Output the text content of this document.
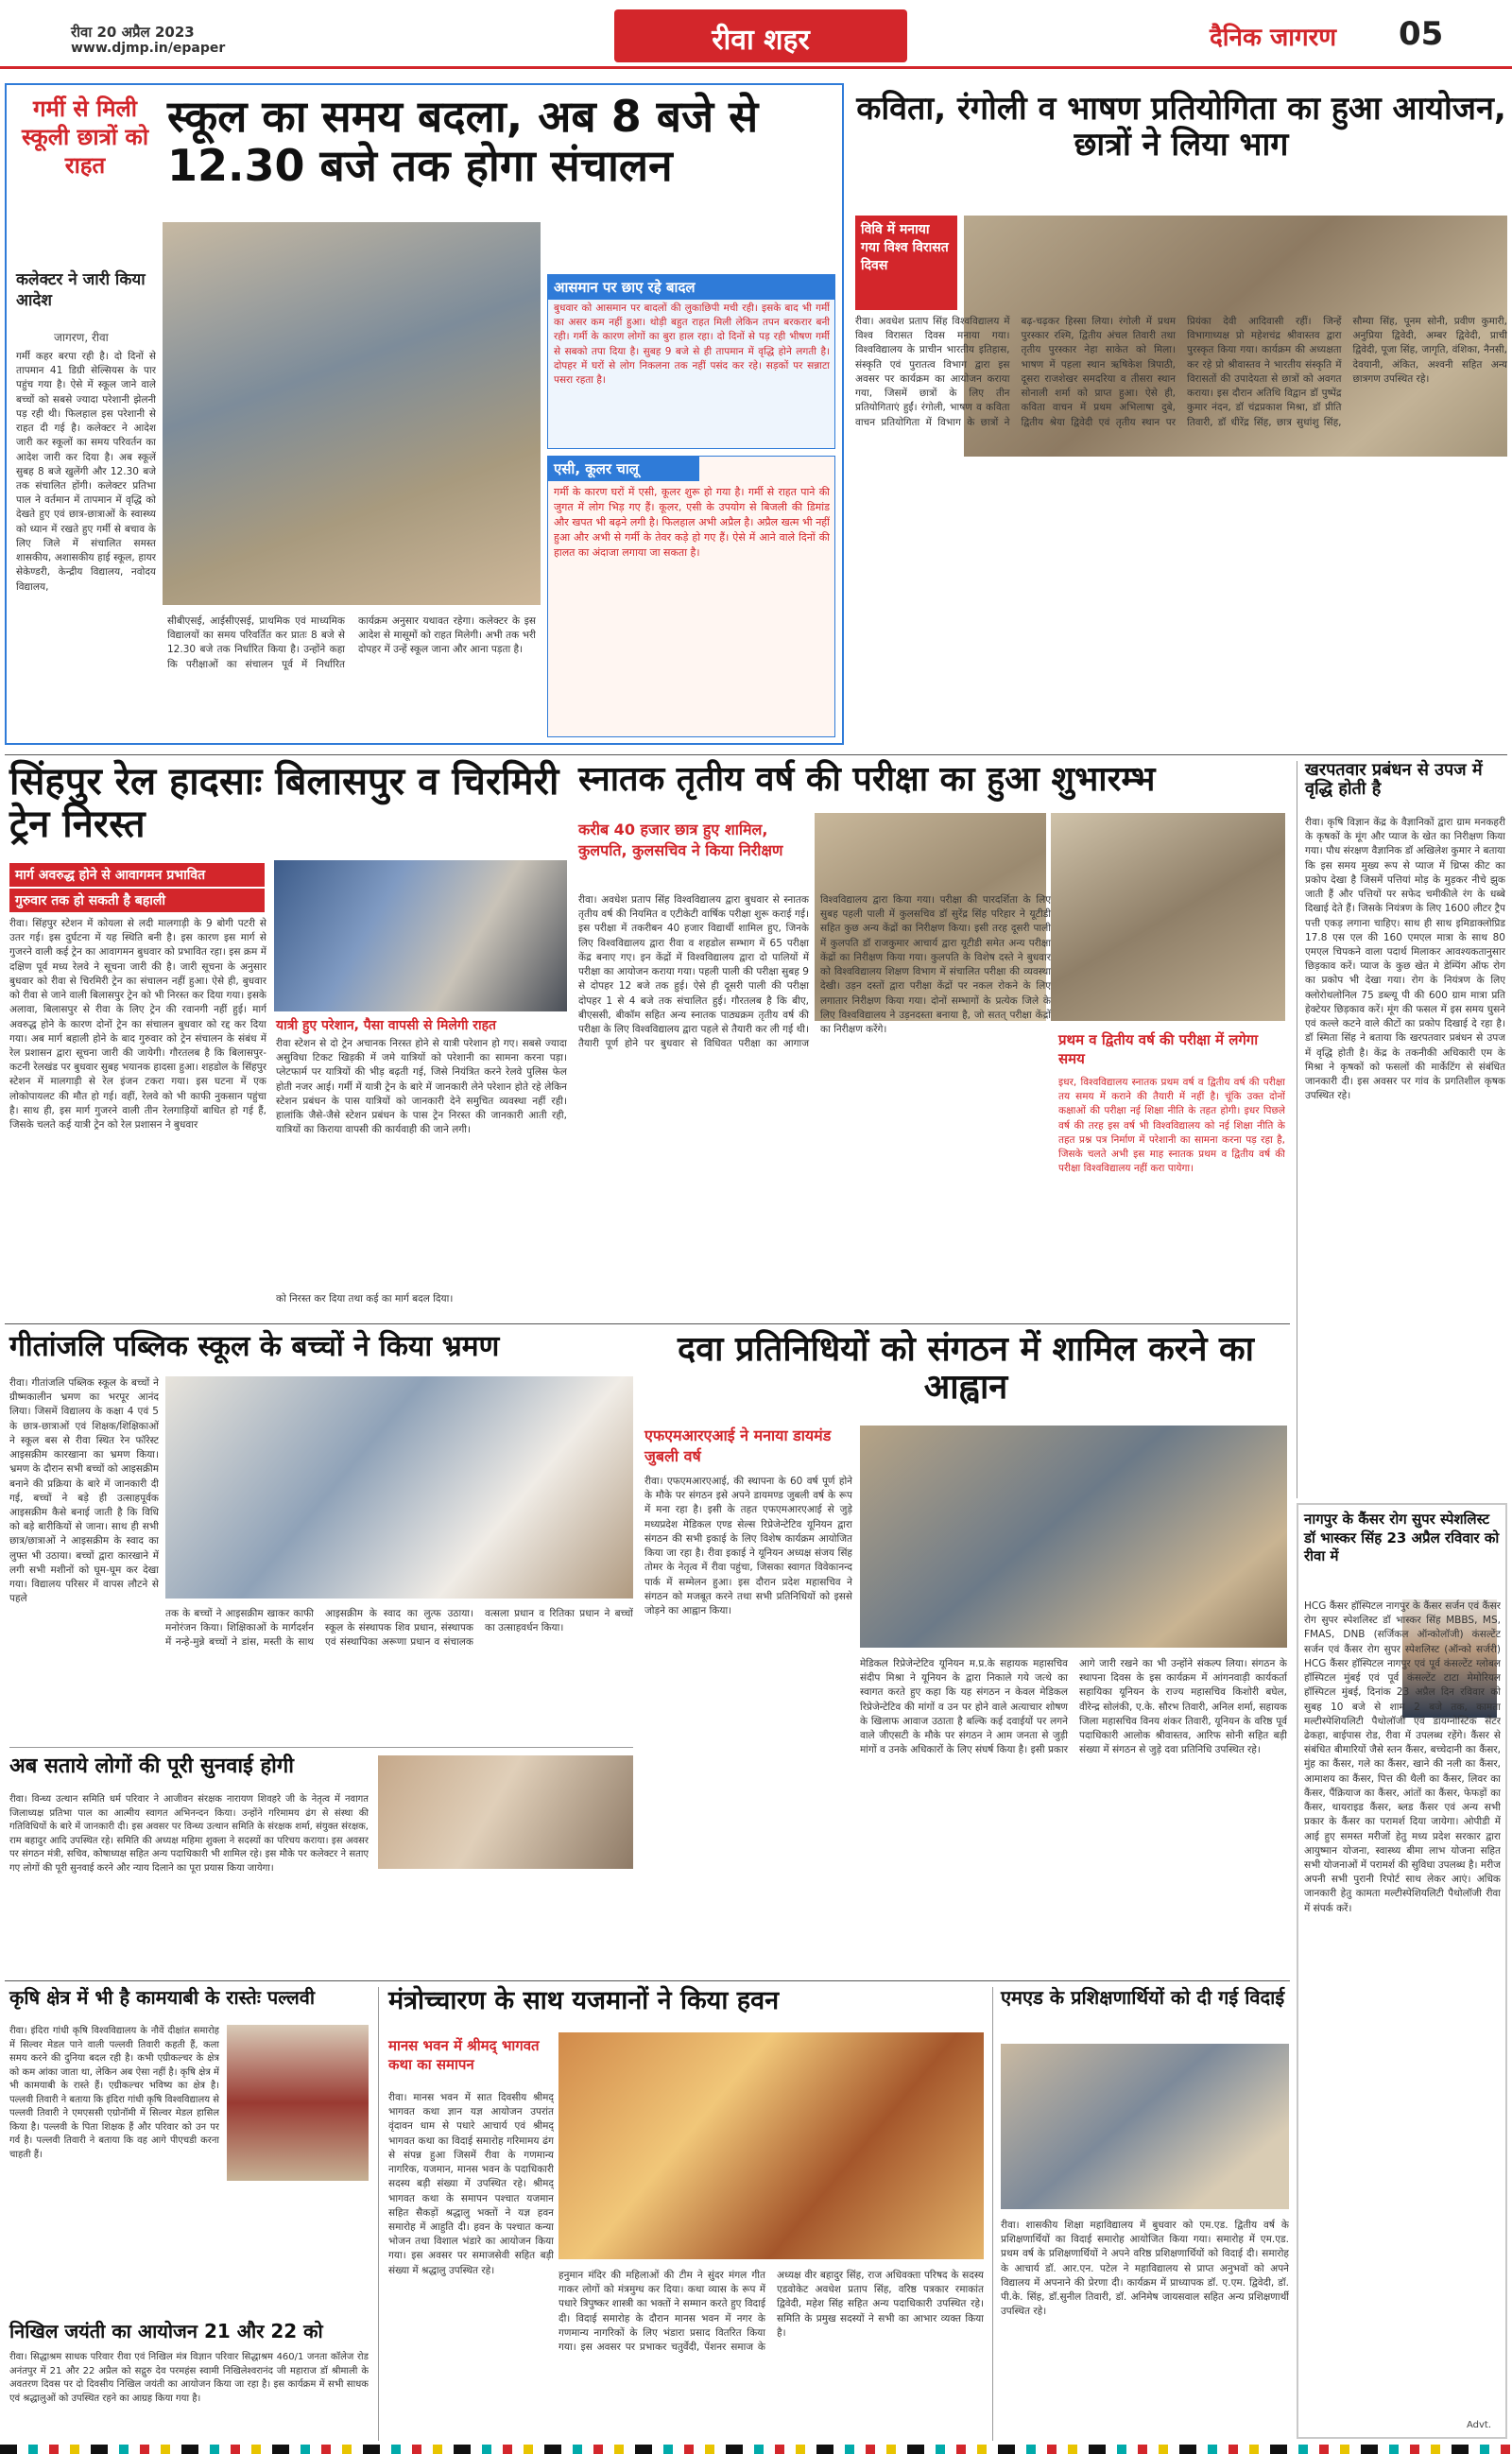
रीवा 20 अप्रैल 2023
www.djmp.in/epaper	रीवा शहर	दैनिक जागरण 05
गर्मी से मिली स्कूली छात्रों को राहत
कलेक्टर ने जारी किया आदेश
जागरण, रीवा
स्कूल का समय बदला, अब 8 बजे से 12.30 बजे तक होगा संचालन
गर्मी कहर बरपा रही है। दो दिनों से तापमान 41 डिग्री सेल्सियस के पार पहुंच गया है। ऐसे में स्कूल जाने वाले बच्चों को सबसे ज्यादा परेशानी झेलनी पड़ रही थी। फिलहाल इस परेशानी से राहत दी गई है। कलेक्टर ने आदेश जारी कर स्कूलों का समय परिवर्तन का आदेश जारी कर दिया है। अब स्कूलें सुबह 8 बजे खुलेंगी और 12.30 बजे तक संचालित होंगी। कलेक्टर प्रतिभा पाल ने वर्तमान में तापमान में वृद्धि को देखते हुए एवं छात्र-छात्राओं के स्वास्थ्य को ध्यान में रखते हुए गर्मी से बचाव के लिए जिले में संचालित समस्त शासकीय, अशासकीय हाई स्कूल, हायर सेकेण्डरी, केन्द्रीय विद्यालय, नवोदय विद्यालय,
सीबीएसई, आईसीएसई, प्राथमिक एवं माध्यमिक विद्यालयों का समय परिवर्तित कर प्रातः 8 बजे से 12.30 बजे तक निर्धारित किया है। उन्होंने कहा कि परीक्षाओं का संचालन पूर्व में निर्धारित कार्यक्रम अनुसार यथावत रहेगा। कलेक्टर के इस आदेश से मासूमों को राहत मिलेगी। अभी तक भरी दोपहर में उन्हें स्कूल जाना और आना पड़ता है।
आसमान पर छाए रहे बादल
बुधवार को आसमान पर बादलों की लुकाछिपी मची रही। इसके बाद भी गर्मी का असर कम नहीं हुआ। थोड़ी बहुत राहत मिली लेकिन तपन बरकरार बनी रही। गर्मी के कारण लोगों का बुरा हाल रहा। दो दिनों से पड़ रही भीषण गर्मी से सबको तपा दिया है। सुबह 9 बजे से ही तापमान में वृद्धि होने लगती है। दोपहर में घरों से लोग निकलना तक नहीं पसंद कर रहे। सड़कों पर सन्नाटा पसरा रहता है।
एसी, कूलर चालू
गर्मी के कारण घरों में एसी, कूलर शुरू हो गया है। गर्मी से राहत पाने की जुगत में लोग भिड़ गए हैं। कूलर, एसी के उपयोग से बिजली की डिमांड और खपत भी बढ़ने लगी है। फिलहाल अभी अप्रैल है। अप्रैल खत्म भी नहीं हुआ और अभी से गर्मी के तेवर कड़े हो गए हैं। ऐसे में आने वाले दिनों की हालत का अंदाजा लगाया जा सकता है।
कविता, रंगोली व भाषण प्रतियोगिता का हुआ आयोजन, छात्रों ने लिया भाग
विवि में मनाया गया विश्व विरासत दिवस
रीवा। अवधेश प्रताप सिंह विश्वविद्यालय में विश्व विरासत दिवस मनाया गया। विश्वविद्यालय के प्राचीन भारतीय इतिहास, संस्कृति एवं पुरातत्व विभाग द्वारा इस अवसर पर कार्यक्रम का आयोजन कराया गया, जिसमें छात्रों के लिए तीन प्रतियोगिताएं हुईं। रंगोली, भाषण व कविता वाचन प्रतियोगिता में विभाग के छात्रों ने बढ़-चढ़कर हिस्सा लिया। रंगोली में प्रथम पुरस्कार रश्मि, द्वितीय अंचल तिवारी तथा तृतीय पुरस्कार नेहा साकेत को मिला। भाषण में पहला स्थान ऋषिकेश त्रिपाठी, दूसरा राजशेखर समदरिया व तीसरा स्थान सोनाली शर्मा को प्राप्त हुआ। ऐसे ही, कविता वाचन में प्रथम अभिलाषा दुबे, द्वितीय श्रेया द्विवेदी एवं तृतीय स्थान पर प्रियंका देवी आदिवासी रहीं। जिन्हें विभागाध्यक्ष प्रो महेशचंद्र श्रीवास्तव द्वारा पुरस्कृत किया गया। कार्यक्रम की अध्यक्षता कर रहे प्रो श्रीवास्तव ने भारतीय संस्कृति में विरासतों की उपादेयता से छात्रों को अवगत कराया। इस दौरान अतिथि विद्वान डॉ पुष्पेंद्र कुमार नंदन, डॉ चंद्रप्रकाश मिश्रा, डॉ प्रीति तिवारी, डॉ धीरेंद्र सिंह, छात्र सुधांशु सिंह, सौम्या सिंह, पूनम सोनी, प्रवीण कुमारी, अनुप्रिया द्विवेदी, अम्बर द्विवेदी, प्राची द्विवेदी, पूजा सिंह, जागृति, वंशिका, नैनसी, देवयानी, अंकित, अश्वनी सहित अन्य छात्रगण उपस्थित रहे।
सिंहपुर रेल हादसाः बिलासपुर व चिरमिरी ट्रेन निरस्त
मार्ग अवरुद्ध होने से आवागमन प्रभावित
गुरुवार तक हो सकती है बहाली
यात्री हुए परेशान, पैसा वापसी से मिलेगी राहत
रीवा। सिंहपुर स्टेशन में कोयला से लदी मालगाड़ी के 9 बोगी पटरी से उतर गई। इस दुर्घटना में यह स्थिति बनी है। इस कारण इस मार्ग से गुजरने वाली कई ट्रेन का आवागमन बुधवार को प्रभावित रहा। इस क्रम में दक्षिण पूर्व मध्य रेलवे ने सूचना जारी की है। जारी सूचना के अनुसार बुधवार को रीवा से चिरमिरी ट्रेन का संचालन नहीं हुआ। ऐसे ही, बुधवार को रीवा से जाने वाली बिलासपुर ट्रेन को भी निरस्त कर दिया गया। इसके अलावा, बिलासपुर से रीवा के लिए ट्रेन की रवानगी नहीं हुई। मार्ग अवरुद्ध होने के कारण दोनों ट्रेन का संचालन बुधवार को रद्द कर दिया गया। अब मार्ग बहाली होने के बाद गुरुवार को ट्रेन संचालन के संबंध में रेल प्रशासन द्वारा सूचना जारी की जायेगी। गौरतलब है कि बिलासपुर-कटनी रेलखंड पर बुधवार सुबह भयानक हादसा हुआ। शहडोल के सिंहपुर स्टेशन में मालगाड़ी से रेल इंजन टकरा गया। इस घटना में एक लोकोपायलट की मौत हो गई। वहीं, रेलवे को भी काफी नुकसान पहुंचा है। साथ ही, इस मार्ग गुजरने वाली तीन रेलगाड़ियों बाधित हो गई हैं, जिसके चलते कई यात्री ट्रेन को रेल प्रशासन ने बुधवार
रीवा स्टेशन से दो ट्रेन अचानक निरस्त होने से यात्री परेशान हो गए। सबसे ज्यादा असुविधा टिकट खिड़की में जमे यात्रियों को परेशानी का सामना करना पड़ा। प्लेटफार्म पर यात्रियों की भीड़ बढ़ती गई, जिसे नियंत्रित करने रेलवे पुलिस फेल होती नजर आई। गर्मी में यात्री ट्रेन के बारे में जानकारी लेने परेशान होते रहे लेकिन स्टेशन प्रबंधन के पास यात्रियों को जानकारी देने समुचित व्यवस्था नहीं रही। हालांकि जैसे-जैसे स्टेशन प्रबंधन के पास ट्रेन निरस्त की जानकारी आती रही, यात्रियों का किराया वापसी की कार्यवाही की जाने लगी।
को निरस्त कर दिया तथा कई का मार्ग बदल दिया।
स्नातक तृतीय वर्ष की परीक्षा का हुआ शुभारम्भ
करीब 40 हजार छात्र हुए शामिल, कुलपति, कुलसचिव ने किया निरीक्षण
रीवा। अवधेश प्रताप सिंह विश्वविद्यालय द्वारा बुधवार से स्नातक तृतीय वर्ष की नियमित व एटीकेटी वार्षिक परीक्षा शुरू कराई गई। इस परीक्षा में तकरीबन 40 हजार विद्यार्थी शामिल हुए, जिनके लिए विश्वविद्यालय द्वारा रीवा व शहडोल सम्भाग में 65 परीक्षा केंद्र बनाए गए। इन केंद्रों में विश्वविद्यालय द्वारा दो पालियों में परीक्षा का आयोजन कराया गया। पहली पाली की परीक्षा सुबह 9 से दोपहर 12 बजे तक हुई। ऐसे ही दूसरी पाली की परीक्षा दोपहर 1 से 4 बजे तक संचालित हुई। गौरतलब है कि बीए, बीएससी, बीकॉम सहित अन्य स्नातक पाठ्यक्रम तृतीय वर्ष की परीक्षा के लिए विश्वविद्यालय द्वारा पहले से तैयारी कर ली गई थी। तैयारी पूर्ण होने पर बुधवार से विधिवत परीक्षा का आगाज विश्वविद्यालय द्वारा किया गया। परीक्षा की पारदर्शिता के लिए सुबह पहली पाली में कुलसचिव डॉ सुरेंद्र सिंह परिहार ने यूटीडी सहित कुछ अन्य केंद्रों का निरीक्षण किया। इसी तरह दूसरी पाली में कुलपति डॉ राजकुमार आचार्य द्वारा यूटीडी समेत अन्य परीक्षा केंद्रों का निरीक्षण किया गया। कुलपति के विशेष दस्ते ने बुधवार को विश्वविद्यालय शिक्षण विभाग में संचालित परीक्षा की व्यवस्था देखी। उड़न दस्तों द्वारा परीक्षा केंद्रों पर नकल रोकने के लिए लगातार निरीक्षण किया गया। दोनों सम्भागों के प्रत्येक जिले के लिए विश्वविद्यालय ने उड़नदस्ता बनाया है, जो सतत् परीक्षा केंद्रों का निरीक्षण करेंगे।
प्रथम व द्वितीय वर्ष की परीक्षा में लगेगा समय
इधर, विश्वविद्यालय स्नातक प्रथम वर्ष व द्वितीय वर्ष की परीक्षा तय समय में कराने की तैयारी में नहीं है। चूंकि उक्त दोनों कक्षाओं की परीक्षा नई शिक्षा नीति के तहत होगी। इधर पिछले वर्ष की तरह इस वर्ष भी विश्वविद्यालय को नई शिक्षा नीति के तहत प्रश्न पत्र निर्माण में परेशानी का सामना करना पड़ रहा है, जिसके चलते अभी इस माह स्नातक प्रथम व द्वितीय वर्ष की परीक्षा विश्वविद्यालय नहीं करा पायेगा।
खरपतवार प्रबंधन से उपज में वृद्धि होती है
रीवा। कृषि विज्ञान केंद्र के वैज्ञानिकों द्वारा ग्राम मनकहरी के कृषकों के मूंग और प्याज के खेत का निरीक्षण किया गया। पौध संरक्षण वैज्ञानिक डॉ अखिलेश कुमार ने बताया कि इस समय मुख्य रूप से प्याज में थ्रिप्स कीट का प्रकोप देखा है जिसमें पत्तियां मोड़ के मुड़कर नीचे झुक जाती हैं और पत्तियों पर सफेद चमीकीले रंग के धब्बे दिखाई देते हैं। जिसके नियंत्रण के लिए 1600 लीटर ट्रैप पत्ती एकड़ लगाना चाहिए। साथ ही साथ इमिडाक्लोप्रिड 17.8 एस एल की 160 एमएल मात्रा के साथ 80 एमएल चिपकने वाला पदार्थ मिलाकर आवश्यकतानुसार छिड़काव करें। प्याज के कुछ खेत मे डेम्पिंग ऑफ रोग का प्रकोप भी देखा गया। रोग के नियंत्रण के लिए क्लोरोथलोनिल 75 डब्ल्यू पी की 600 ग्राम मात्रा प्रति हेक्टेयर छिड़काव करें। मूंग की फसल में इस समय घुसने एवं कल्ले कटने वाले कीटों का प्रकोप दिखाई दे रहा है। डॉ स्मिता सिंह ने बताया कि खरपतवार प्रबंधन से उपज में वृद्धि होती है। केंद्र के तकनीकी अधिकारी एम के मिश्रा ने कृषकों को फसलों की मार्केटिंग से संबंधित जानकारी दी। इस अवसर पर गांव के प्रगतिशील कृषक उपस्थित रहे।
गीतांजलि पब्लिक स्कूल के बच्चों ने किया भ्रमण
रीवा। गीतांजलि पब्लिक स्कूल के बच्चों ने ग्रीष्मकालीन भ्रमण का भरपूर आनंद लिया। जिसमें विद्यालय के कक्षा 4 एवं 5 के छात्र-छात्राओं एवं शिक्षक/शिक्षिकाओं ने स्कूल बस से रीवा स्थित रेन फॉरेस्ट आइसक्रीम कारखाना का भ्रमण किया। भ्रमण के दौरान सभी बच्चों को आइसक्रीम बनाने की प्रक्रिया के बारे में जानकारी दी गई, बच्चों ने बड़े ही उत्साहपूर्वक आइसक्रीम कैसे बनाई जाती है कि विधि को बड़े बारीकियों से जाना। साथ ही सभी छात्र/छात्राओं ने आइसक्रीम के स्वाद का लुफ्त भी उठाया। बच्चों द्वारा कारखाने में लगी सभी मशीनों को घूम-घूम कर देखा गया। विद्यालय परिसर में वापस लौटने से पहले
तक के बच्चों ने आइसक्रीम खाकर काफी मनोरंजन किया। शिक्षिकाओं के मार्गदर्शन में नन्हे-मुन्ने बच्चों ने डांस, मस्ती के साथ आइसक्रीम के स्वाद का लुत्फ उठाया। स्कूल के संस्थापक शिव प्रधान, संस्थापक एवं संस्थापिका अरूणा प्रधान व संचालक वत्सला प्रधान व रितिका प्रधान ने बच्चों का उत्साहवर्धन किया।
अब सताये लोगों की पूरी सुनवाई होगी
रीवा। विन्ध्य उत्थान समिति धर्म परिवार ने आजीवन संरक्षक नारायण शिवहरे जी के नेतृत्व में नवागत जिलाध्यक्ष प्रतिभा पाल का आत्मीय स्वागत अभिनन्दन किया। उन्होंने गरिमामय ढंग से संस्था की गतिविधियों के बारे में जानकारी दी। इस अवसर पर विन्ध्य उत्थान समिति के संरक्षक शर्मा, संयुक्त संरक्षक, राम बहादुर आदि उपस्थित रहे। समिति की अध्यक्ष महिमा शुक्ला ने सदस्यों का परिचय कराया। इस अवसर पर संगठन मंत्री, सचिव, कोषाध्यक्ष सहित अन्य पदाधिकारी भी शामिल रहे। इस मौके पर कलेक्टर ने सताए गए लोगों की पूरी सुनवाई करने और न्याय दिलाने का पूरा प्रयास किया जायेगा।
दवा प्रतिनिधियों को संगठन में शामिल करने का आह्वान
एफएमआरएआई ने मनाया डायमंड जुबली वर्ष
रीवा। एफएमआरएआई, की स्थापना के 60 वर्ष पूर्ण होने के मौके पर संगठन इसे अपने डायमण्ड जुबली वर्ष के रूप में मना रहा है। इसी के तहत एफएमआरएआई से जुड़े मध्यप्रदेश मेडिकल एण्ड सेल्स रिप्रेजेन्टेटिव यूनियन द्वारा संगठन की सभी इकाई के लिए विशेष कार्यक्रम आयोजित किया जा रहा है। रीवा इकाई ने यूनियन अध्यक्ष संजय सिंह तोमर के नेतृत्व में रीवा पहुंचा, जिसका स्वागत विवेकानन्द पार्क में सम्मेलन हुआ। इस दौरान प्रदेश महासचिव ने संगठन को मजबूत करने तथा सभी प्रतिनिधियों को इससे जोड़ने का आह्वान किया।
मेडिकल रिप्रेजेन्टेटिव यूनियन म.प्र.के सहायक महासचिव संदीप मिश्रा ने यूनियन के द्वारा निकाले गये जत्थे का स्वागत करते हुए कहा कि यह संगठन न केवल मेडिकल रिप्रेजेन्टेटिव की मांगों व उन पर होने वाले अत्याचार शोषण के खिलाफ आवाज उठाता है बल्कि कई दवाईयों पर लगने वाले जीएसटी के मौके पर संगठन ने आम जनता से जुड़ी मांगों व उनके अधिकारों के लिए संघर्ष किया है। इसी प्रकार आगे जारी रखने का भी उन्होंने संकल्प लिया। संगठन के स्थापना दिवस के इस कार्यक्रम में आंगनवाड़ी कार्यकर्ता सहायिका यूनियन के राज्य महासचिव किशोरी बघेल, वीरेन्द्र सोलंकी, ए.के. सौरभ तिवारी, अनिल शर्मा, सहायक जिला महासचिव विनय शंकर तिवारी, यूनियन के वरिष्ठ पूर्व पदाधिकारी आलोक श्रीवास्तव, आरिफ सोनी सहित बड़ी संख्या में संगठन से जुड़े दवा प्रतिनिधि उपस्थित रहे।
नागपुर के कैंसर रोग सुपर स्पेशलिस्ट डॉ भास्कर सिंह 23 अप्रैल रविवार को रीवा में
HCG कैंसर हॉस्पिटल नागपुर के कैंसर सर्जन एवं कैंसर रोग सुपर स्पेशलिस्ट डॉ भास्कर सिंह MBBS, MS, FMAS, DNB (सर्जिकल ऑन्कोलॉजी) कंसल्टेंट सर्जन एवं कैंसर रोग सुपर स्पेशलिस्ट (ऑन्को सर्जरी) HCG कैंसर हॉस्पिटल नागपुर एवं पूर्व कंसल्टेंट ग्लोबल हॉस्पिटल मुंबई एवं पूर्व कंसल्टेंट टाटा मेमोरियल हॉस्पिटल मुंबई, दिनांक 23 अप्रैल दिन रविवार को सुबह 10 बजे से शाम 2 बजे तक, कामता मल्टीस्पेशियलिटी पैथोलॉजी एवं डायग्नोस्टिक सेंटर ढेकहा, बाईपास रोड, रीवा में उपलब्ध रहेंगे। कैंसर से संबंधित बीमारियों जैसे स्तन कैंसर, बच्चेदानी का कैंसर, मुंह का कैंसर, गले का कैंसर, खाने की नली का कैंसर, आमाशय का कैंसर, पित्त की थैली का कैंसर, लिवर का कैंसर, पैंक्रियाज का कैंसर, आंतों का कैंसर, फेफड़ों का कैंसर, थायराइड कैंसर, ब्लड कैंसर एवं अन्य सभी प्रकार के कैंसर का परामर्श दिया जायेगा। ओपीडी में आई हुए समस्त मरीजों हेतु मध्य प्रदेश सरकार द्वारा आयुष्मान योजना, स्वास्थ्य बीमा लाभ योजना सहित सभी योजनाओं में परामर्श की सुविधा उपलब्ध है। मरीज अपनी सभी पुरानी रिपोर्ट साथ लेकर आएं। अधिक जानकारी हेतु कामता मल्टीस्पेशियलिटी पैथोलॉजी रीवा में संपर्क करें।
Advt.
कृषि क्षेत्र में भी है कामयाबी के रास्तेः पल्लवी
रीवा। इंदिरा गांधी कृषि विश्वविद्यालय के नौवें दीक्षांत समारोह में सिल्वर मेडल पाने वाली पल्लवी तिवारी कहती हैं, कला समय करने की दुनिया बदल रही है। कभी एग्रीकल्चर के क्षेत्र को कम आंका जाता था, लेकिन अब ऐसा नहीं है। कृषि क्षेत्र में भी कामयाबी के रास्ते हैं। एग्रीकल्चर भविष्य का क्षेत्र है। पल्लवी तिवारी ने बताया कि इंदिरा गांधी कृषि विश्वविद्यालय से पल्लवी तिवारी ने एमएससी एग्रोनॉमी में सिल्वर मेडल हासिल किया है। पल्लवी के पिता शिक्षक हैं और परिवार को उन पर गर्व है। पल्लवी तिवारी ने बताया कि वह आगे पीएचडी करना चाहती हैं।
निखिल जयंती का आयोजन 21 और 22 को
रीवा। सिद्धाश्रम साधक परिवार रीवा एवं निखिल मंत्र विज्ञान परिवार सिद्धाश्रम 460/1 जनता कॉलेज रोड अनंतपुर में 21 और 22 अप्रैल को सद्गुरु देव परमहंस स्वामी निखिलेश्वरानंद जी महाराज डॉ श्रीमाली के अवतरण दिवस पर दो दिवसीय निखिल जयंती का आयोजन किया जा रहा है। इस कार्यक्रम में सभी साधक एवं श्रद्धालुओं को उपस्थित रहने का आग्रह किया गया है।
मंत्रोच्चारण के साथ यजमानों ने किया हवन
मानस भवन में श्रीमद् भागवत कथा का समापन
रीवा। मानस भवन में सात दिवसीय श्रीमद् भागवत कथा ज्ञान यज्ञ आयोजन उपरांत वृंदावन धाम से पधारे आचार्य एवं श्रीमद् भागवत कथा का विदाई समारोह गरिमामय ढंग से संपन्न हुआ जिसमें रीवा के गणमान्य नागरिक, यजमान, मानस भवन के पदाधिकारी सदस्य बड़ी संख्या में उपस्थित रहे। श्रीमद् भागवत कथा के समापन पश्चात यजमान सहित सैकड़ों श्रद्धालु भक्तों ने यज्ञ हवन समारोह में आहुति दी। हवन के पश्चात कन्या भोजन तथा विशाल भंडारे का आयोजन किया गया। इस अवसर पर समाजसेवी सहित बड़ी संख्या में श्रद्धालु उपस्थित रहे।	हनुमान मंदिर की महिलाओं की टीम ने सुंदर मंगल गीत गाकर लोगों को मंत्रमुग्ध कर दिया। कथा व्यास के रूप में पधारे त्रिपुष्कर शास्त्री का भक्तों ने सम्मान करते हुए विदाई दी। विदाई समारोह के दौरान मानस भवन में नगर के गणमान्य नागरिकों के लिए भंडारा प्रसाद वितरित किया गया। इस अवसर पर प्रभाकर चतुर्वेदी, पेंशनर समाज के अध्यक्ष वीर बहादुर सिंह, राज अधिवक्ता परिषद के सदस्य एडवोकेट अवधेश प्रताप सिंह, वरिष्ठ पत्रकार रमाकांत द्विवेदी, महेश सिंह सहित अन्य पदाधिकारी उपस्थित रहे। समिति के प्रमुख सदस्यों ने सभी का आभार व्यक्त किया है।
एमएड के प्रशिक्षणार्थियों को दी गई विदाई
रीवा। शासकीय शिक्षा महाविद्यालय में बुधवार को एम.एड. द्वितीय वर्ष के प्रशिक्षणार्थियों का विदाई समारोह आयोजित किया गया। समारोह में एम.एड. प्रथम वर्ष के प्रशिक्षणार्थियों ने अपने वरिष्ठ प्रशिक्षणार्थियों को विदाई दी। समारोह के आचार्य डॉ. आर.एन. पटेल ने महाविद्यालय से प्राप्त अनुभवों को अपने विद्यालय में अपनाने की प्रेरणा दी। कार्यक्रम में प्राध्यापक डॉ. ए.एम. द्विवेदी, डॉ. पी.के. सिंह, डॉ.सुनील तिवारी, डॉ. अनिमेष जायसवाल सहित अन्य प्रशिक्षणार्थी उपस्थित रहे।
